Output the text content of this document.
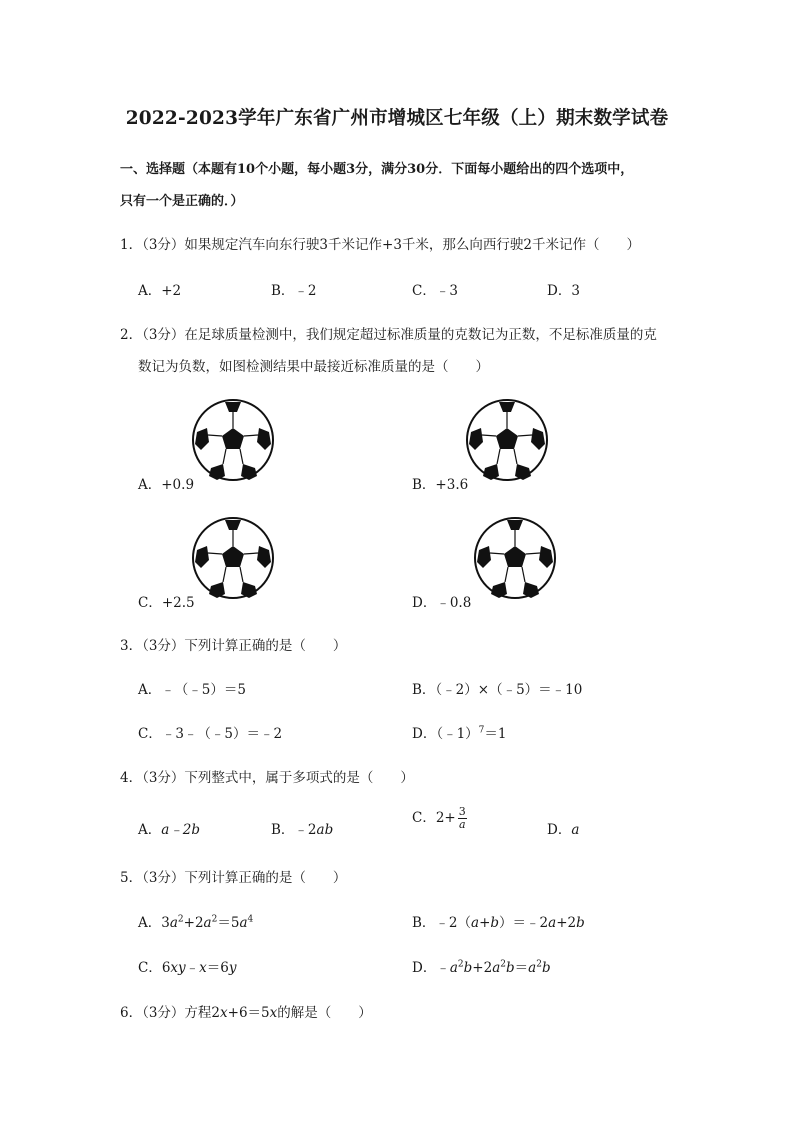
2022-2023学年广东省广州市增城区七年级（上）期末数学试卷
一、选择题（本题有10个小题，每小题3分，满分30分．下面每小题给出的四个选项中，
只有一个是正确的．）
1．（3分）如果规定汽车向东行驶3千米记作+3千米，那么向西行驶2千米记作（　　）
A．+2	B．﹣2	C．﹣3	D．3
2．（3分）在足球质量检测中，我们规定超过标准质量的克数记为正数，不足标准质量的克
数记为负数，如图检测结果中最接近标准质量的是（　　）
A．+0.9	B．+3.6
C．+2.5	D．﹣0.8
3．（3分）下列计算正确的是（　　）
A．﹣（﹣5）＝5	B．（﹣2）×（﹣5）＝﹣10
C．﹣3﹣（﹣5）＝﹣2	D．（﹣1）$^7$＝1
4．（3分）下列整式中，属于多项式的是（　　）
A．a﹣2b	B．﹣2ab
C．$2+ \frac{3}{a}$	D．a
5．（3分）下列计算正确的是（　　）
A．$3a^2+2a^2=5a^4$	B．﹣2（a+b）＝﹣2a+2b
C．6xy﹣x＝6y	D．$﹣a^2b+2a^2b=a^2b$
6．（3分）方程2x+6＝5x的解是（　　）
